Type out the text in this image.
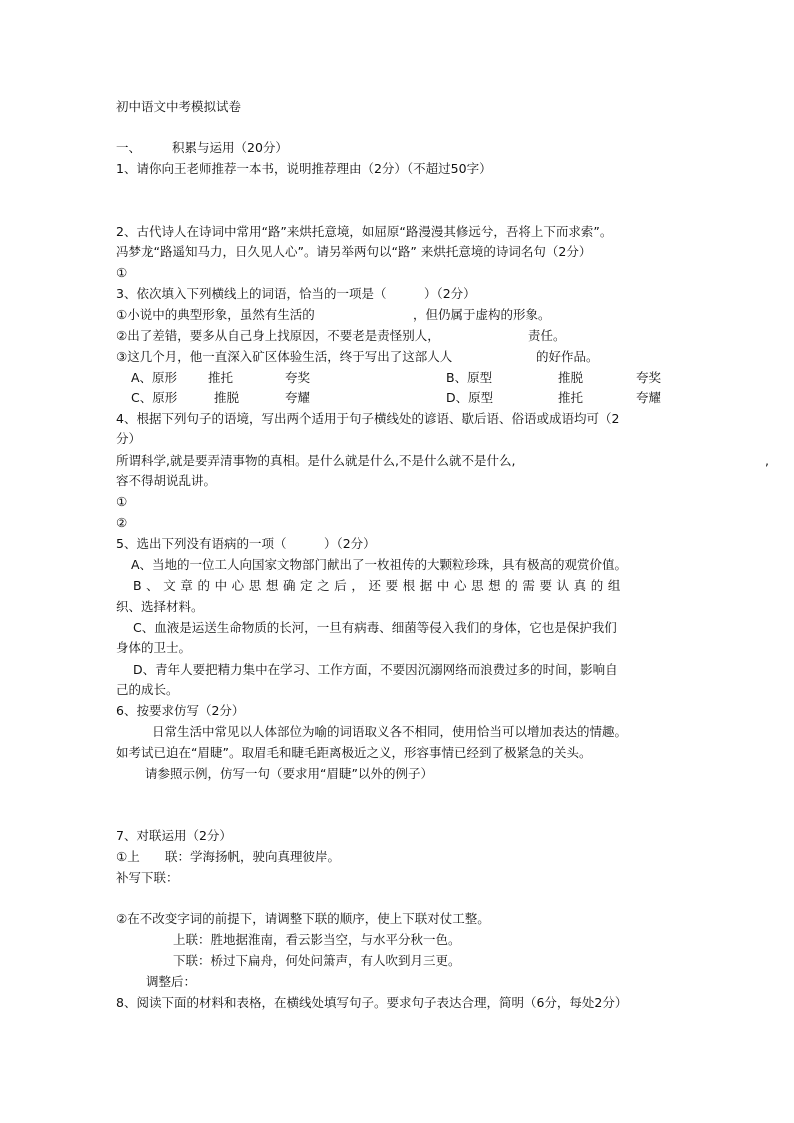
初中语文中考模拟试卷
一、 积累与运用（20分）
1、请你向王老师推荐一本书，说明推荐理由（2分）（不超过50字）
2、古代诗人在诗词中常用“路”来烘托意境，如屈原“路漫漫其修远兮，吾将上下而求索”。
冯梦龙“路遥知马力，日久见人心”。请另举两句以“路” 来烘托意境的诗词名句（2分）
①
3、依次填入下列横线上的词语，恰当的一项是（　　　）（2分）
①小说中的典型形象，虽然有生活的	，但仍属于虚构的形象。
②出了差错，要多从自己身上找原因，不要老是责怪别人，	责任。
③这几个月，他一直深入矿区体验生活，终于写出了这部人人	的好作品。
A、原形 推托	夸奖	B、原型	推脱	夸奖
C、原形	推脱	夸耀	D、原型	推托	夸耀
4、根据下列句子的语境，写出两个适用于句子横线处的谚语、歇后语、俗语或成语均可（2
分）
所谓科学,就是要弄清事物的真相。是什么就是什么,不是什么就不是什么,	,
容不得胡说乱讲。
①
②
5、选出下列没有语病的一项（　　　）（2分）
A、当地的一位工人向国家文物部门献出了一枚祖传的大颗粒珍珠，具有极高的观赏价值。
B、文章的中心思想确定之后，还要根据中心思想的需要认真的组
织、选择材料。
C、血液是运送生命物质的长河，一旦有病毒、细菌等侵入我们的身体，它也是保护我们
身体的卫士。
D、青年人要把精力集中在学习、工作方面，不要因沉溺网络而浪费过多的时间，影响自
己的成长。
6、按要求仿写（2分）
日常生活中常见以人体部位为喻的词语取义各不相同，使用恰当可以增加表达的情趣。
如考试已迫在“眉睫”。取眉毛和睫毛距离极近之义，形容事情已经到了极紧急的关头。
请参照示例，仿写一句（要求用“眉睫”以外的例子）
7、对联运用（2分）
①上 联：学海扬帆，驶向真理彼岸。
补写下联：
②在不改变字词的前提下，请调整下联的顺序，使上下联对仗工整。
上联：胜地据淮南，看云影当空，与水平分秋一色。
下联：桥过下扁舟，何处问箫声，有人吹到月三更。
调整后：
8、阅读下面的材料和表格，在横线处填写句子。要求句子表达合理，简明（6分，每处2分）
